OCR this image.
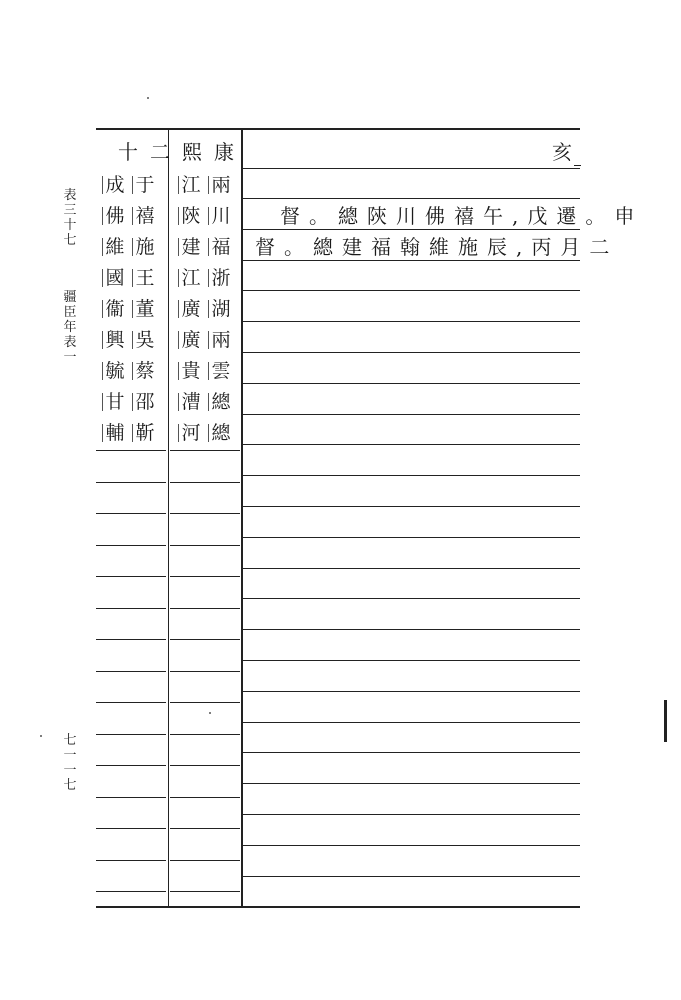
表三十七
疆臣年表一
七一一七
十二熙康	亥
江 兩
成 于
陝 川
佛 禧
建 福
維 施
江 浙
國 王
廣 湖
衞 董
廣 兩
興 吳
貴 雲
毓 蔡
漕 總
甘 邵
河 總
輔 靳
督。總陝川佛禧午,戊遷。申
督。總建福翰維施辰,丙月二
